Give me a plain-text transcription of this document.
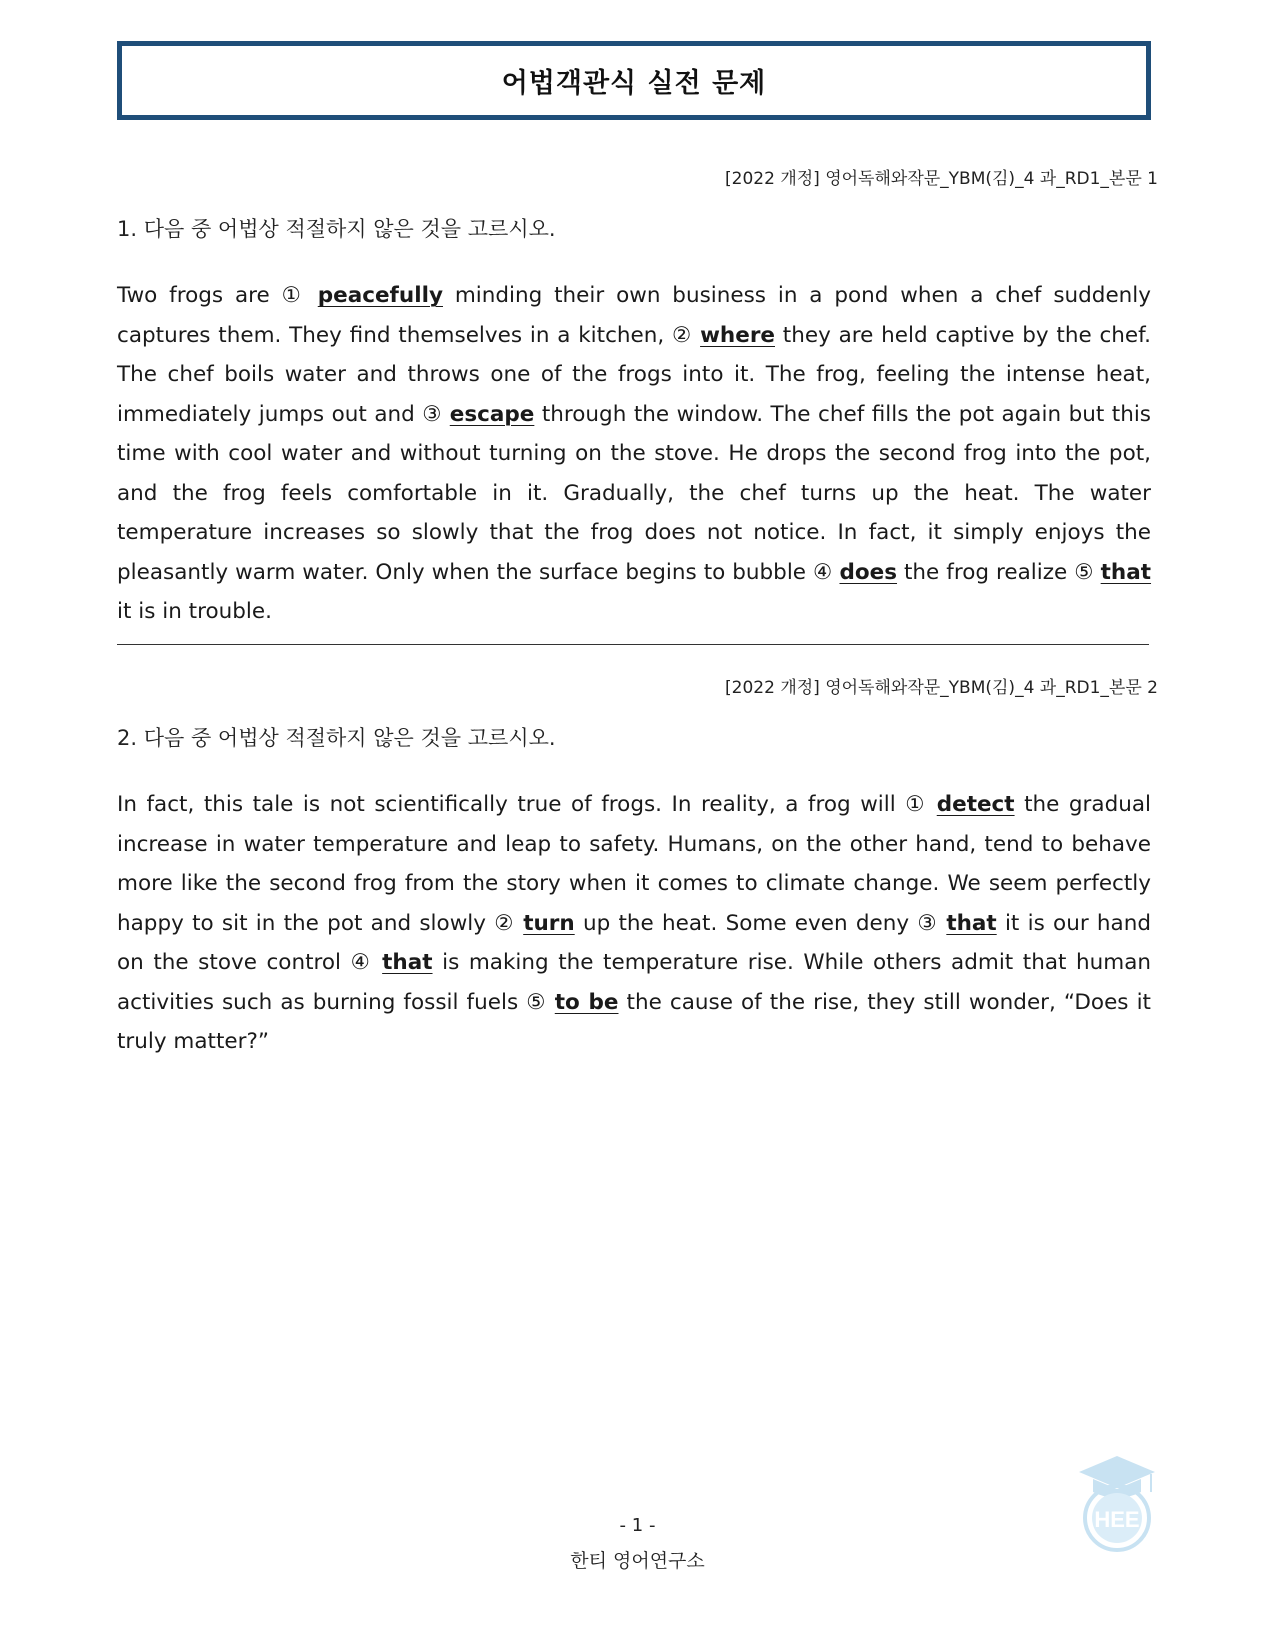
어법객관식 실전 문제
[2022 개정] 영어독해와작문_YBM(김)_4 과_RD1_본문 1
1. 다음 중 어법상 적절하지 않은 것을 고르시오.
Two frogs are ① peacefully minding their own business in a pond when a chef suddenly captures them. They find themselves in a kitchen, ② where they are held captive by the chef. The chef boils water and throws one of the frogs into it. The frog, feeling the intense heat, immediately jumps out and ③ escape through the window. The chef fills the pot again but this time with cool water and without turning on the stove. He drops the second frog into the pot, and the frog feels comfortable in it. Gradually, the chef turns up the heat. The water temperature increases so slowly that the frog does not notice. In fact, it simply enjoys the pleasantly warm water. Only when the surface begins to bubble ④ does the frog realize ⑤ that it is in trouble.
[2022 개정] 영어독해와작문_YBM(김)_4 과_RD1_본문 2
2. 다음 중 어법상 적절하지 않은 것을 고르시오.
In fact, this tale is not scientifically true of frogs. In reality, a frog will ① detect the gradual increase in water temperature and leap to safety. Humans, on the other hand, tend to behave more like the second frog from the story when it comes to climate change. We seem perfectly happy to sit in the pot and slowly ② turn up the heat. Some even deny ③ that it is our hand on the stove control ④ that is making the temperature rise. While others admit that human activities such as burning fossil fuels ⑤ to be the cause of the rise, they still wonder, “Does it truly matter?”
- 1 -
한티 영어연구소
HEE
